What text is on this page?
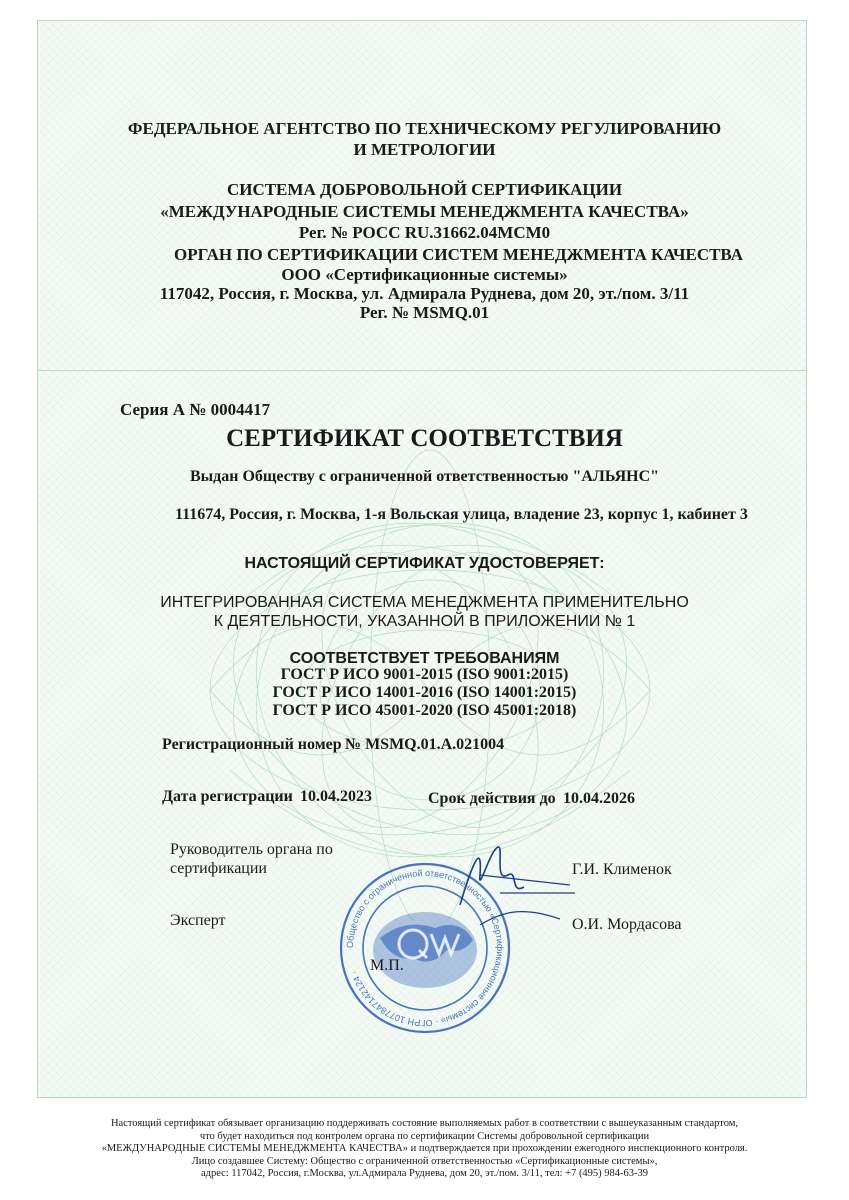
ФЕДЕРАЛЬНОЕ АГЕНТСТВО ПО ТЕХНИЧЕСКОМУ РЕГУЛИРОВАНИЮ
И МЕТРОЛОГИИ
СИСТЕМА ДОБРОВОЛЬНОЙ СЕРТИФИКАЦИИ
«МЕЖДУНАРОДНЫЕ СИСТЕМЫ МЕНЕДЖМЕНТА КАЧЕСТВА»
Рег. № РОСС RU.31662.04МСМ0
ОРГАН ПО СЕРТИФИКАЦИИ СИСТЕМ МЕНЕДЖМЕНТА КАЧЕСТВА
ООО «Сертификационные системы»
117042, Россия, г. Москва, ул. Адмирала Руднева, дом 20, эт./пом. 3/11
Рег. № MSMQ.01
Серия А № 0004417
СЕРТИФИКАТ СООТВЕТСТВИЯ
Выдан Обществу с ограниченной ответственностью "АЛЬЯНС"
111674, Россия, г. Москва, 1-я Вольская улица, владение 23, корпус 1, кабинет 3
НАСТОЯЩИЙ СЕРТИФИКАТ УДОСТОВЕРЯЕТ:
ИНТЕГРИРОВАННАЯ СИСТЕМА МЕНЕДЖМЕНТА ПРИМЕНИТЕЛЬНО
К ДЕЯТЕЛЬНОСТИ, УКАЗАННОЙ В ПРИЛОЖЕНИИ № 1
СООТВЕТСТВУЕТ ТРЕБОВАНИЯМ
ГОСТ Р ИСО 9001-2015 (ISO 9001:2015)
ГОСТ Р ИСО 14001-2016 (ISO 14001:2015)
ГОСТ Р ИСО 45001-2020 (ISO 45001:2018)
Регистрационный номер № MSMQ.01.A.021004
Дата регистрации 10.04.2023	Срок действия до 10.04.2026
Руководитель органа по
сертификации	Г.И. Клименок
Эксперт	О.И. Мордасова
Общество с ограниченной ответственностью «Сертификационные системы» · ОГРН 1077847142124 · М.П.
Настоящий сертификат обязывает организацию поддерживать состояние выполняемых работ в соответствии с вышеуказанным стандартом,
что будет находиться под контролем органа по сертификации Системы добровольной сертификации
«МЕЖДУНАРОДНЫЕ СИСТЕМЫ МЕНЕДЖМЕНТА КАЧЕСТВА» и подтверждается при прохождении ежегодного инспекционного контроля.
Лицо создавшее Систему: Общество с ограниченной ответственностью «Сертификационные системы»,
адрес: 117042, Россия, г.Москва, ул.Адмирала Руднева, дом 20, эт./пом. 3/11, тел: +7 (495) 984-63-39
